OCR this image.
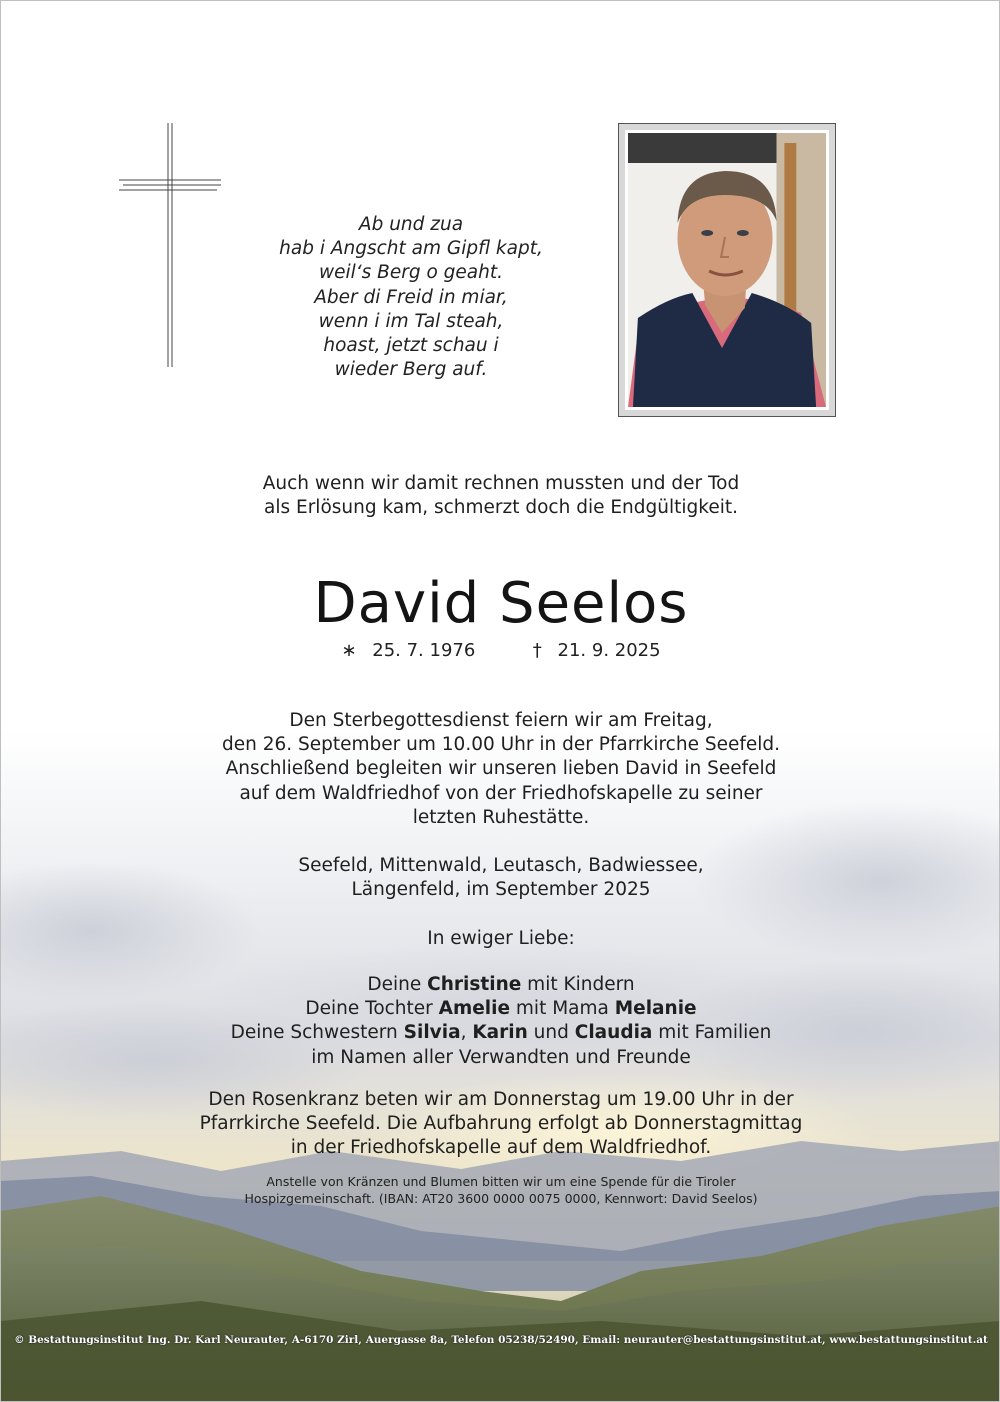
Ab und zua
hab i Angscht am Gipfl kapt,
weil‘s Berg o geaht.
Aber di Freid in miar,
wenn i im Tal steah,
hoast, jetzt schau i
wieder Berg auf.
Auch wenn wir damit rechnen mussten und der Tod
als Erlösung kam, schmerzt doch die Endgültigkeit.
David Seelos
∗ 25. 7. 1976	† 21. 9. 2025
Den Sterbegottesdienst feiern wir am Freitag,
den 26. September um 10.00 Uhr in der Pfarrkirche Seefeld.
Anschließend begleiten wir unseren lieben David in Seefeld
auf dem Waldfriedhof von der Friedhofskapelle zu seiner
letzten Ruhestätte.
Seefeld, Mittenwald, Leutasch, Badwiessee,
Längenfeld, im September 2025
In ewiger Liebe:
Deine Christine mit Kindern
Deine Tochter Amelie mit Mama Melanie
Deine Schwestern Silvia, Karin und Claudia mit Familien
im Namen aller Verwandten und Freunde
Den Rosenkranz beten wir am Donnerstag um 19.00 Uhr in der
Pfarrkirche Seefeld. Die Aufbahrung erfolgt ab Donnerstagmittag
in der Friedhofskapelle auf dem Waldfriedhof.
Anstelle von Kränzen und Blumen bitten wir um eine Spende für die Tiroler
Hospizgemeinschaft. (IBAN: AT20 3600 0000 0075 0000, Kennwort: David Seelos)
© Bestattungsinstitut Ing. Dr. Karl Neurauter, A-6170 Zirl, Auergasse 8a, Telefon 05238/52490, Email: neurauter@bestattungsinstitut.at, www.bestattungsinstitut.at
